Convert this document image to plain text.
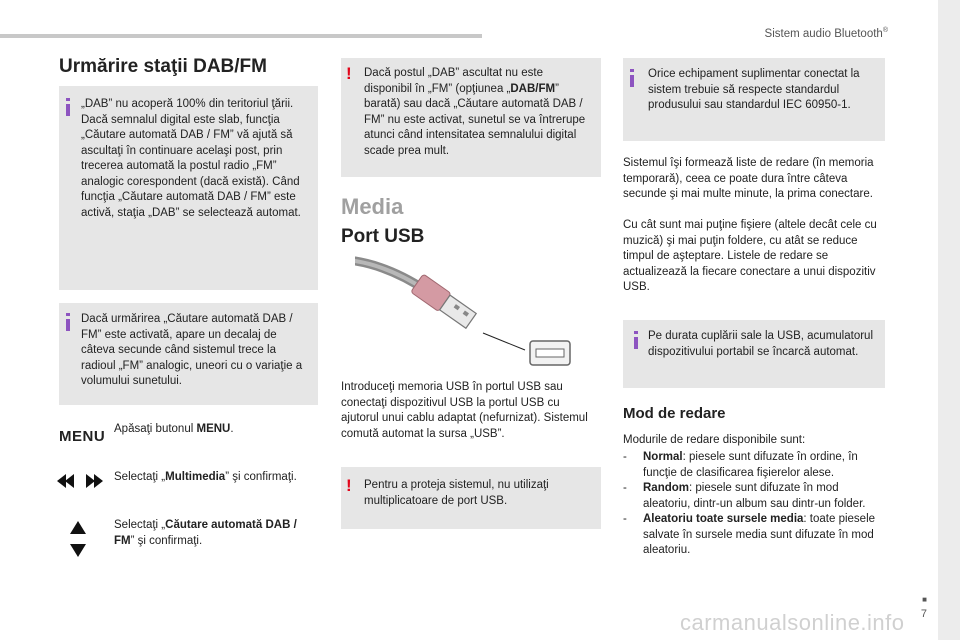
Sistem audio Bluetooth®
Urmărire staţii DAB/FM

„DAB” nu acoperă 100% din teritoriul ţării. Dacă semnalul digital este slab, funcţia „Căutare automată DAB / FM” vă ajută să ascultaţi în continuare acelaşi post, prin trecerea automată la postul radio „FM” analogic corespondent (dacă există). Când funcţia „Căutare automată DAB / FM” este activă, staţia „DAB” se selectează automat.

Dacă urmărirea „Căutare automată DAB / FM” este activată, apare un decalaj de câteva secunde când sistemul trece la radioul „FM” analogic, uneori cu o variaţie a volumului sunetului.

MENU Apăsaţi butonul MENU.

Selectaţi „Multimedia” şi confirmaţi.

Selectaţi „Căutare automată DAB / FM” şi confirmaţi.

! Dacă postul „DAB” ascultat nu este disponibil în „FM” (opţiunea „DAB/FM” barată) sau dacă „Căutare automată DAB / FM” nu este activat, sunetul se va întrerupe atunci când intensitatea semnalului digital scade prea mult.

Media
Port USB

Introduceţi memoria USB în portul USB sau conectaţi dispozitivul USB la portul USB cu ajutorul unui cablu adaptat (nefurnizat). Sistemul comută automat la sursa „USB”.

! Pentru a proteja sistemul, nu utilizaţi multiplicatoare de port USB.

Orice echipament suplimentar conectat la sistem trebuie să respecte standardul produsului sau standardul IEC 60950-1.

Sistemul îşi formează liste de redare (în memoria temporară), ceea ce poate dura între câteva secunde şi mai multe minute, la prima conectare.

Cu cât sunt mai puţine fişiere (altele decât cele cu muzică) şi mai puţin foldere, cu atât se reduce timpul de aşteptare. Listele de redare se actualizează la fiecare conectare a unui dispozitiv USB.

Pe durata cuplării sale la USB, acumulatorul dispozitivului portabil se încarcă automat.

Mod de redare

Modurile de redare disponibile sunt:

- Normal: piesele sunt difuzate în ordine, în funcţie de clasificarea fişierelor alese.
- Random: piesele sunt difuzate în mod aleatoriu, dintr-un album sau dintr-un folder.
- Aleatoriu toate sursele media: toate piesele salvate în sursele media sunt difuzate în mod aleatoriu.
■
7
carmanualsonline.info
